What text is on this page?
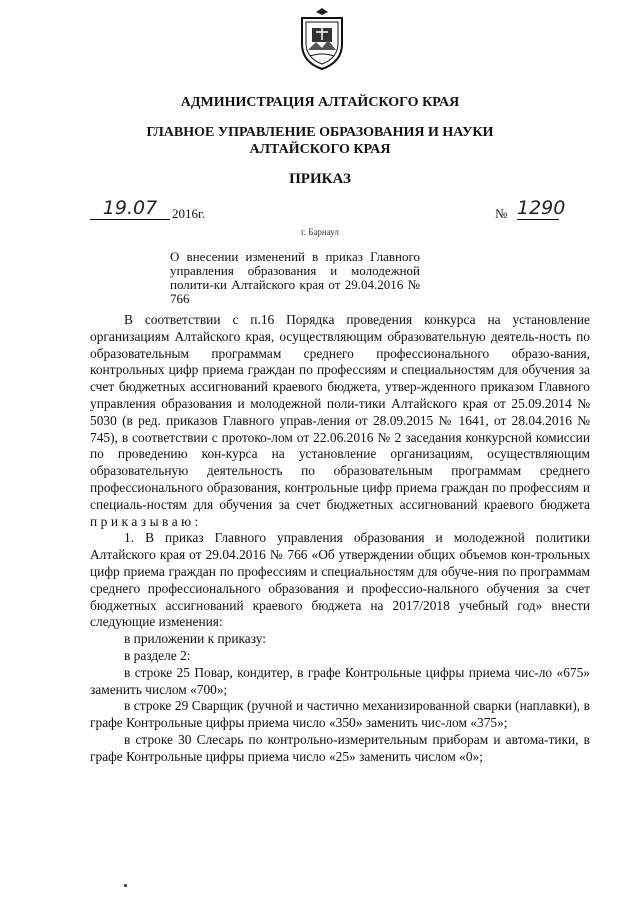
АДМИНИСТРАЦИЯ АЛТАЙСКОГО КРАЯ
ГЛАВНОЕ УПРАВЛЕНИЕ ОБРАЗОВАНИЯ И НАУКИ
АЛТАЙСКОГО КРАЯ
ПРИКАЗ
19.07	2016г.	№ 1290
г. Барнаул
О внесении изменений в приказ Главного управления образования и молодежной полити-ки Алтайского края от 29.04.2016 № 766

В соответствии с п.16 Порядка проведения конкурса на установление организациям Алтайского края, осуществляющим образовательную деятель-ность по образовательным программам среднего профессионального образо-вания, контрольных цифр приема граждан по профессиям и специальностям для обучения за счет бюджетных ассигнований краевого бюджета, утвер-жденного приказом Главного управления образования и молодежной поли-тики Алтайского края от 25.09.2014 № 5030 (в ред. приказов Главного управ-ления от 28.09.2015 № 1641, от 28.04.2016 № 745), в соответствии с протоко-лом от 22.06.2016 № 2 заседания конкурсной комиссии по проведению кон-курса на установление организациям, осуществляющим образовательную деятельность по образовательным программам среднего профессионального образования, контрольные цифр приема граждан по профессиям и специаль-ностям для обучения за счет бюджетных ассигнований краевого бюджета приказываю:

1. В приказ Главного управления образования и молодежной политики Алтайского края от 29.04.2016 № 766 «Об утверждении общих объемов кон-трольных цифр приема граждан по профессиям и специальностям для обуче-ния по программам среднего профессионального образования и профессио-нального обучения за счет бюджетных ассигнований краевого бюджета на 2017/2018 учебный год» внести следующие изменения:

в приложении к приказу:

в разделе 2:

в строке 25 Повар, кондитер, в графе Контрольные цифры приема чис-ло «675» заменить числом «700»;

в строке 29 Сварщик (ручной и частично механизированной сварки (наплавки), в графе Контрольные цифры приема число «350» заменить чис-лом «375»;

в строке 30 Слесарь по контрольно-измерительным приборам и автома-тики, в графе Контрольные цифры приема число «25» заменить числом «0»;
